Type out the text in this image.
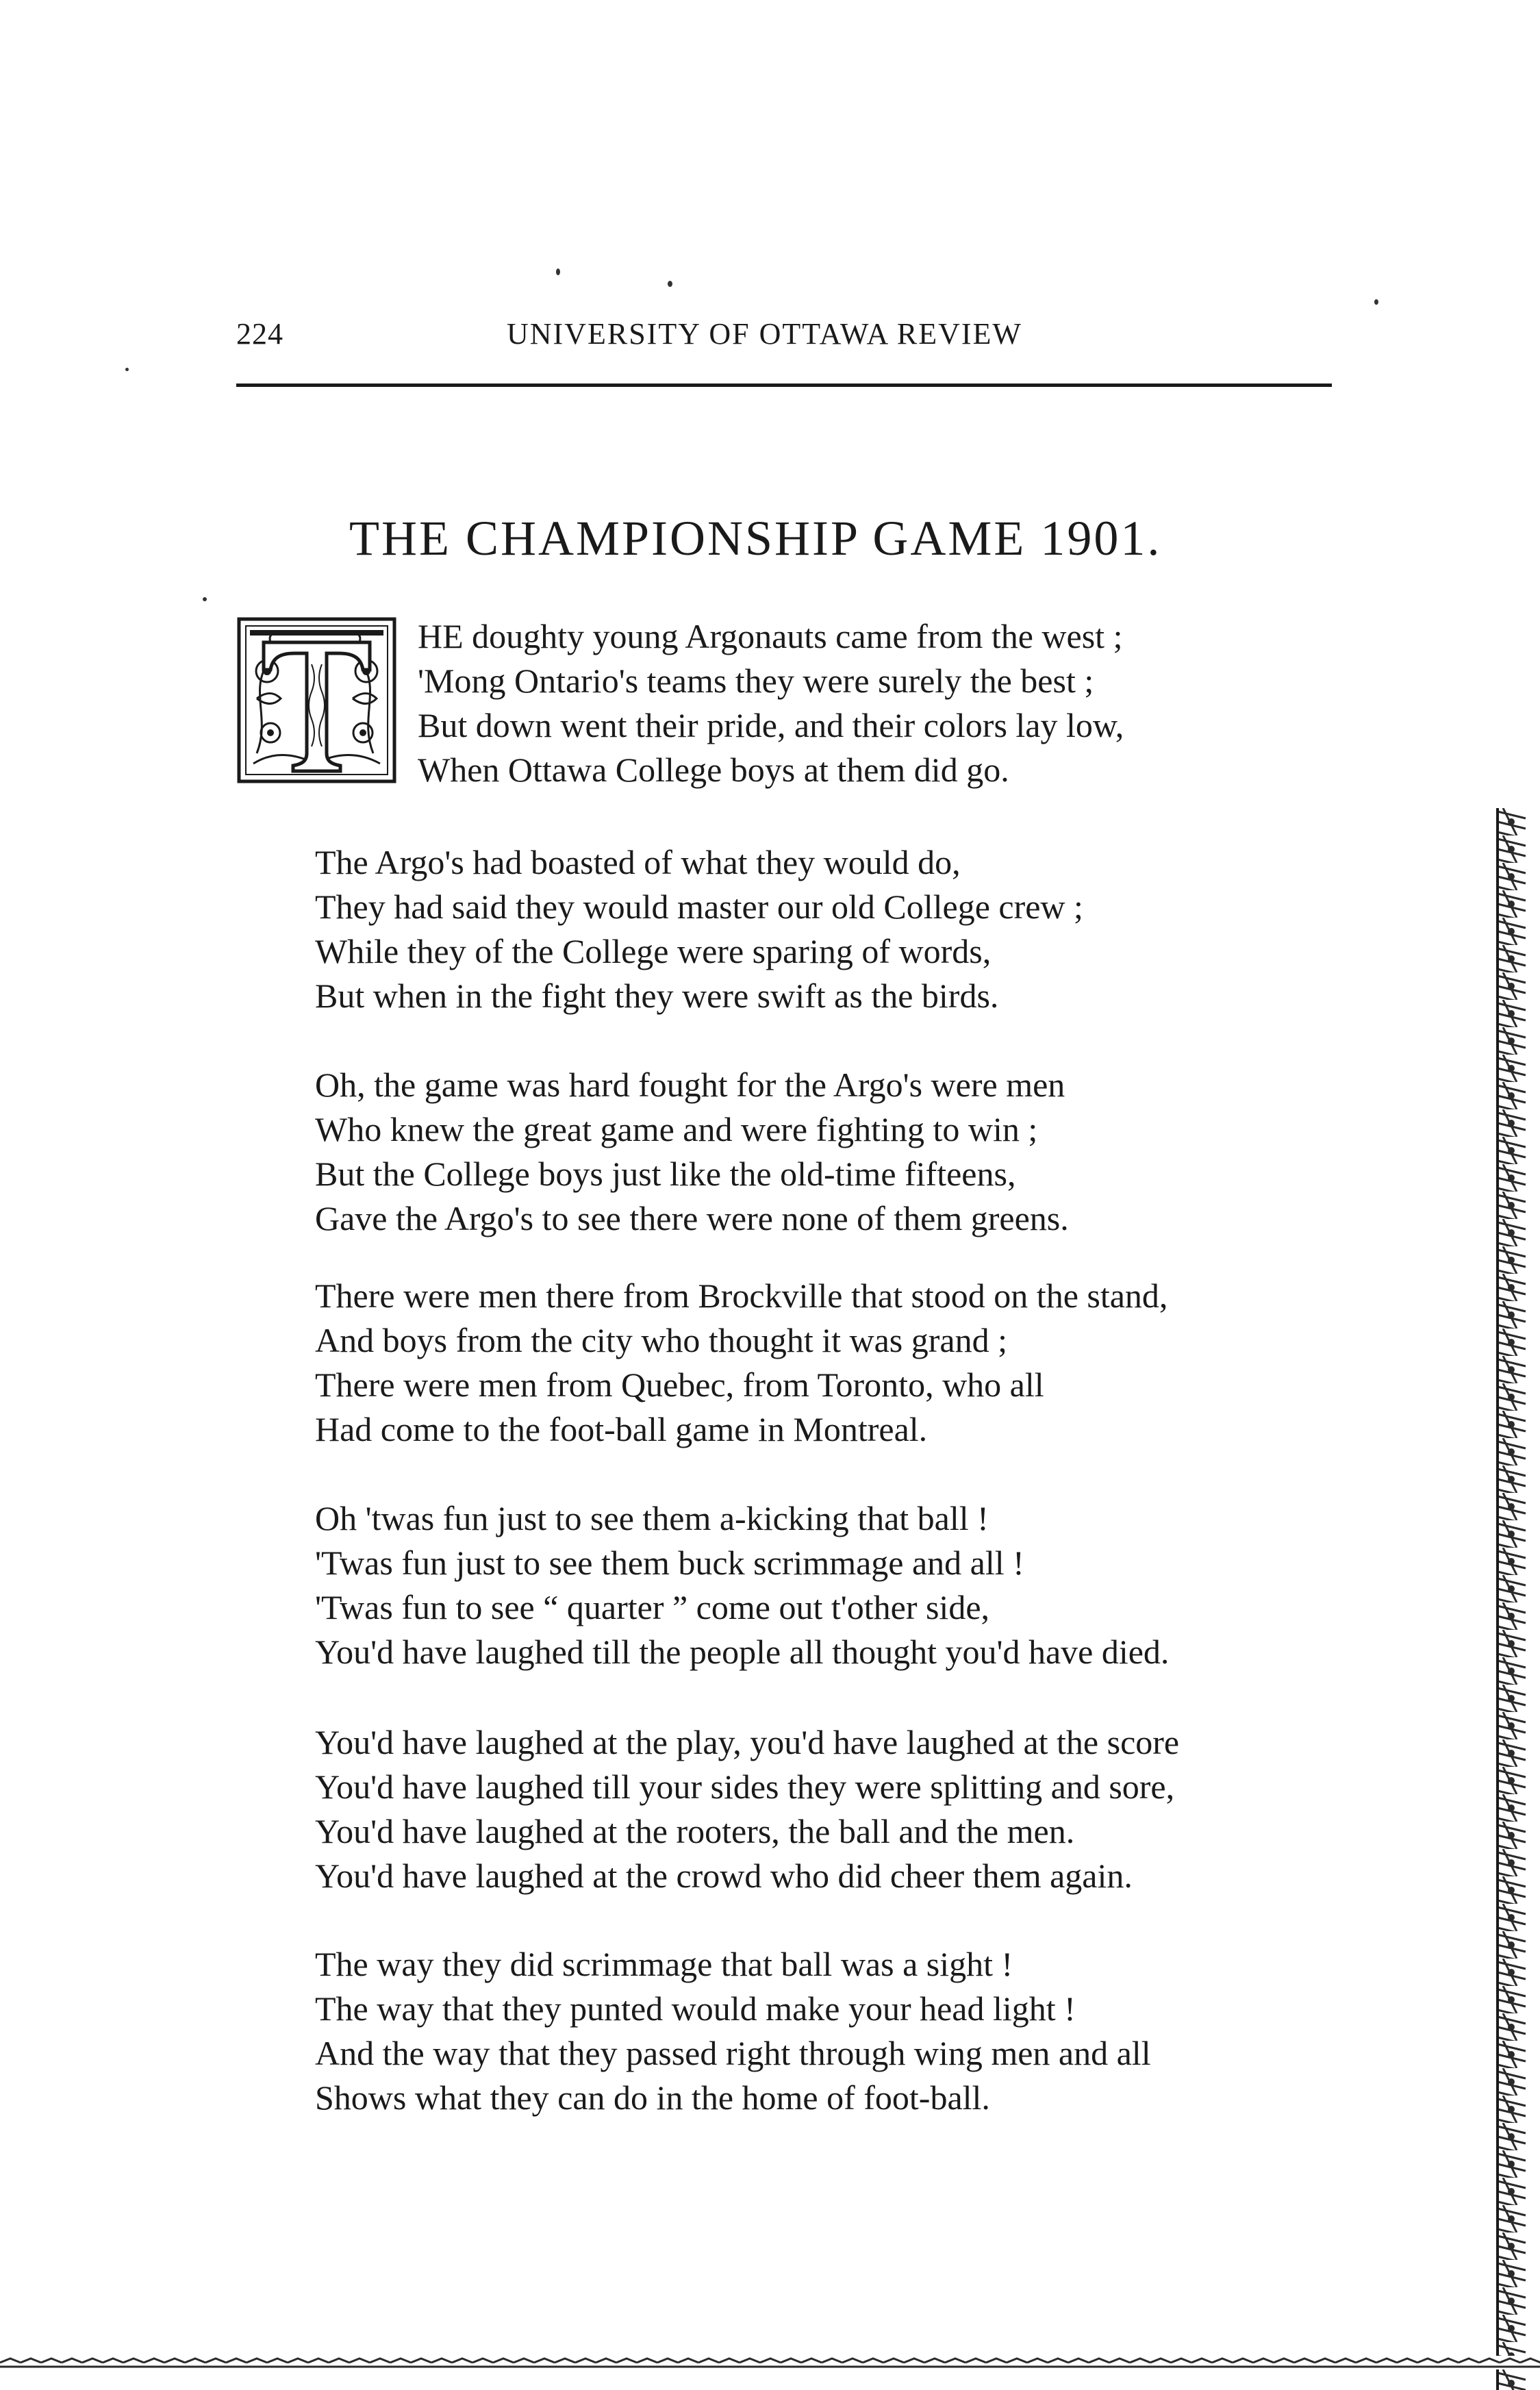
224	UNIVERSITY OF OTTAWA REVIEW
THE CHAMPIONSHIP GAME 1901.
HE doughty young Argonauts came from the west ;
'Mong Ontario's teams they were surely the best ;
But down went their pride, and their colors lay low,
When Ottawa College boys at them did go.
The Argo's had boasted of what they would do,
They had said they would master our old College crew ;
While they of the College were sparing of words,
But when in the fight they were swift as the birds.
Oh, the game was hard fought for the Argo's were men
Who knew the great game and were fighting to win ;
But the College boys just like the old-time fifteens,
Gave the Argo's to see there were none of them greens.
There were men there from Brockville that stood on the stand,
And boys from the city who thought it was grand ;
There were men from Quebec, from Toronto, who all
Had come to the foot-ball game in Montreal.
Oh 'twas fun just to see them a-kicking that ball !
'Twas fun just to see them buck scrimmage and all !
'Twas fun to see “ quarter ” come out t'other side,
You'd have laughed till the people all thought you'd have died.
You'd have laughed at the play, you'd have laughed at the score
You'd have laughed till your sides they were splitting and sore,
You'd have laughed at the rooters, the ball and the men.
You'd have laughed at the crowd who did cheer them again.
The way they did scrimmage that ball was a sight !
The way that they punted would make your head light !
And the way that they passed right through wing men and all
Shows what they can do in the home of foot-ball.
